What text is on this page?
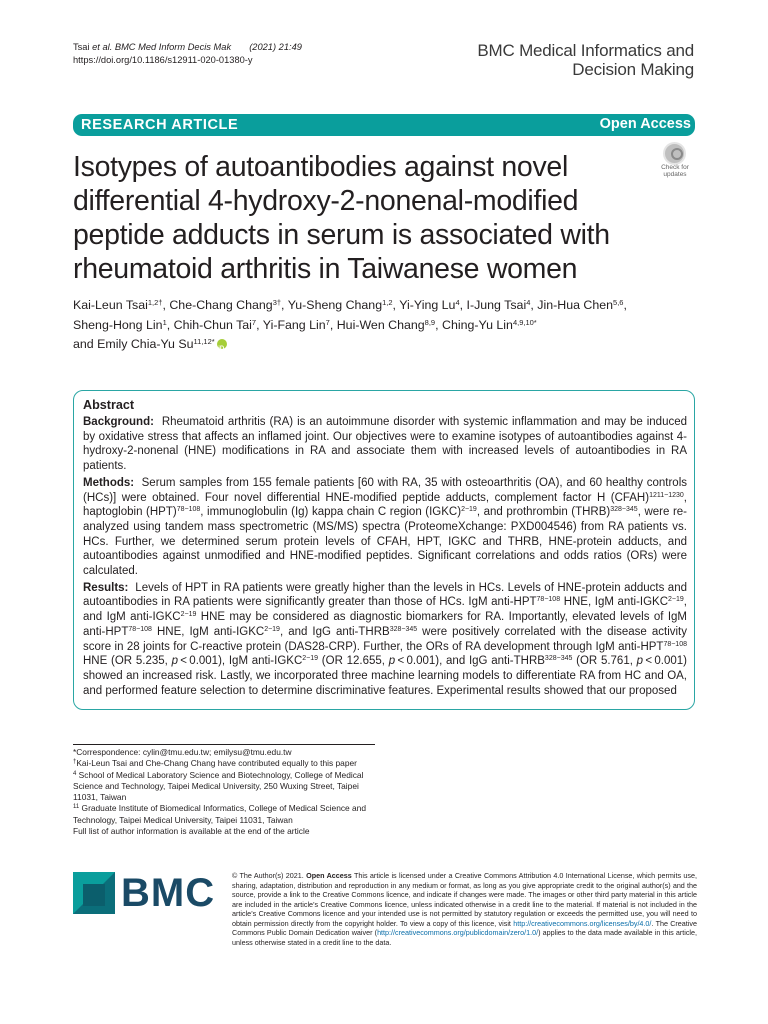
Tsai et al. BMC Med Inform Decis Mak (2021) 21:49
https://doi.org/10.1186/s12911-020-01380-y	BMC Medical Informatics and
Decision Making
RESEARCH ARTICLE	Open Access
Isotypes of autoantibodies against novel differential 4-hydroxy-2-nonenal-modified peptide adducts in serum is associated with rheumatoid arthritis in Taiwanese women
Check for
updates
Kai-Leun Tsai$^{1,2\dagger}$, Che-Chang Chang$^{3\dagger}$, Yu-Sheng Chang$^{1,2}$, Yi-Ying Lu$^4$, I-Jung Tsai$^4$, Jin-Hua Chen$^{5,6}$,
Sheng-Hong Lin$^1$, Chih-Chun Tai$^7$, Yi-Fang Lin$^7$, Hui-Wen Chang$^{8,9}$, Ching-Yu Lin$^{4,9,10*}$
and Emily Chia-Yu $Su^{11,12*}iD$
Abstract

Background: Rheumatoid arthritis (RA) is an autoimmune disorder with systemic inflammation and may be induced by oxidative stress that affects an inflamed joint. Our objectives were to examine isotypes of autoantibodies against 4-hydroxy-2-nonenal (HNE) modifications in RA and associate them with increased levels of autoantibodies in RA patients.

Methods: Serum samples from 155 female patients [60 with RA, 35 with osteoarthritis (OA), and 60 healthy controls (HCs)] were obtained. Four novel differential HNE-modified peptide adducts, complement factor H (CFAH)$^{1211-1230}$, haptoglobin (HPT)$^{78-108}$, immunoglobulin (Ig) kappa chain C region (IGKC)$^{2-19}$, and prothrombin (THRB)$^{328-345}$, were re-analyzed using tandem mass spectrometric (MS/MS) spectra (ProteomeXchange: PXD004546) from RA patients vs. HCs. Further, we determined serum protein levels of CFAH, HPT, IGKC and THRB, HNE-protein adducts, and autoantibodies against unmodified and HNE-modified peptides. Significant correlations and odds ratios (ORs) were calculated.

Results: Levels of HPT in RA patients were greatly higher than the levels in HCs. Levels of HNE-protein adducts and autoantibodies in RA patients were significantly greater than those of HCs. IgM anti-$HPT^{78-108}$ HNE, IgM anti-$IGKC^{2-19}$, and IgM anti-$IGKC^{2-19}$ HNE may be considered as diagnostic biomarkers for RA. Importantly, elevated levels of IgM anti-$HPT^{78-108}$ HNE, IgM anti-$IGKC^{2-19}$, and IgG anti-$THRB^{328-345}$ were positively correlated with the disease activity score in 28 joints for C-reactive protein (DAS28-CRP). Further, the ORs of RA development through IgM anti-$HPT^{78-108}$ HNE (OR 5.235, p < 0.001), IgM anti-$IGKC^{2-19}$ (OR 12.655, p < 0.001), and IgG anti-$THRB^{328-345}$ (OR 5.761, p < 0.001) showed an increased risk. Lastly, we incorporated three machine learning models to differentiate RA from HC and OA, and performed feature selection to determine discriminative features. Experimental results showed that our proposed

*Correspondence: cylin@tmu.edu.tw; emilysu@tmu.edu.tw
†Kai-Leun Tsai and Che-Chang Chang have contributed equally to this paper
$^4$ School of Medical Laboratory Science and Biotechnology, College of Medical Science and Technology, Taipei Medical University, 250 Wuxing Street, Taipei 11031, Taiwan
$^{11}$ Graduate Institute of Biomedical Informatics, College of Medical Science and Technology, Taipei Medical University, Taipei 11031, Taiwan
Full list of author information is available at the end of the article
BMC © The Author(s) 2021. Open Access This article is licensed under a Creative Commons Attribution 4.0 International License, which permits use, sharing, adaptation, distribution and reproduction in any medium or format, as long as you give appropriate credit to the original author(s) and the source, provide a link to the Creative Commons licence, and indicate if changes were made. The images or other third party material in this article are included in the article’s Creative Commons licence, unless indicated otherwise in a credit line to the material. If material is not included in the article’s Creative Commons licence and your intended use is not permitted by statutory regulation or exceeds the permitted use, you will need to obtain permission directly from the copyright holder. To view a copy of this licence, visit http://creativecommons.org/licenses/by/4.0/. The Creative Commons Public Domain Dedication waiver (http://creativecommons.org/publicdomain/zero/1.0/) applies to the data made available in this article, unless otherwise stated in a credit line to the data.
